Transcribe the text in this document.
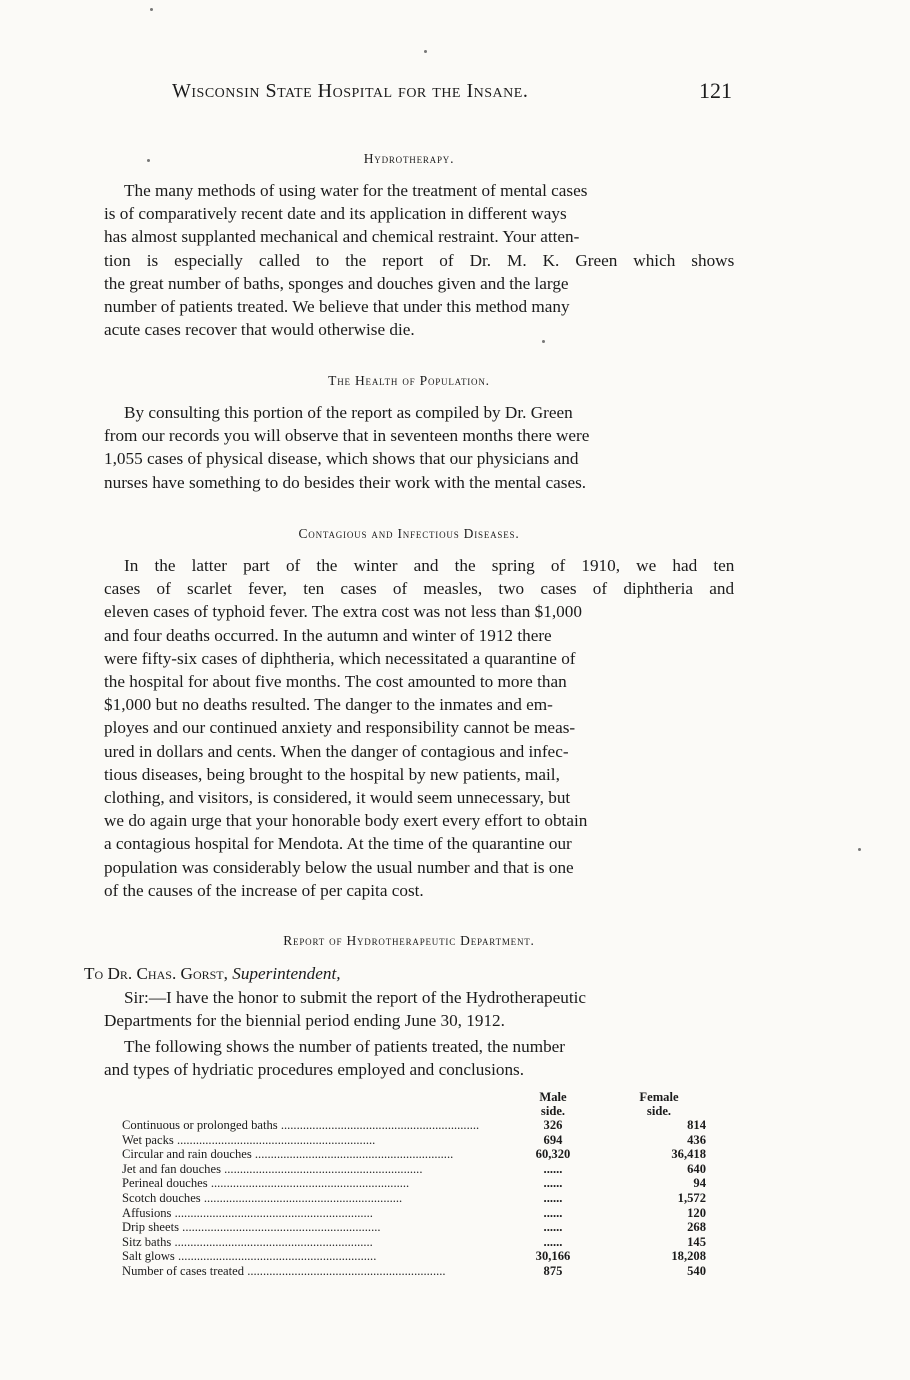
Wisconsin State Hospital for the Insane.	121
Hydrotherapy.
The many methods of using water for the treatment of mental cases
is of comparatively recent date and its application in different ways
has almost supplanted mechanical and chemical restraint. Your atten-
tion is especially called to the report of Dr. M. K. Green which shows
the great number of baths, sponges and douches given and the large
number of patients treated. We believe that under this method many
acute cases recover that would otherwise die.
The Health of Population.
By consulting this portion of the report as compiled by Dr. Green
from our records you will observe that in seventeen months there were
1,055 cases of physical disease, which shows that our physicians and
nurses have something to do besides their work with the mental cases.
Contagious and Infectious Diseases.
In the latter part of the winter and the spring of 1910, we had ten
cases of scarlet fever, ten cases of measles, two cases of diphtheria and
eleven cases of typhoid fever. The extra cost was not less than $1,000
and four deaths occurred. In the autumn and winter of 1912 there
were fifty-six cases of diphtheria, which necessitated a quarantine of
the hospital for about five months. The cost amounted to more than
$1,000 but no deaths resulted. The danger to the inmates and em-
ployes and our continued anxiety and responsibility cannot be meas-
ured in dollars and cents. When the danger of contagious and infec-
tious diseases, being brought to the hospital by new patients, mail,
clothing, and visitors, is considered, it would seem unnecessary, but
we do again urge that your honorable body exert every effort to obtain
a contagious hospital for Mendota. At the time of the quarantine our
population was considerably below the usual number and that is one
of the causes of the increase of per capita cost.
Report of Hydrotherapeutic Department.
To Dr. Chas. Gorst, Superintendent,
Sir:—I have the honor to submit the report of the Hydrotherapeutic
Departments for the biennial period ending June 30, 1912.
The following shows the number of patients treated, the number
and types of hydriatic procedures employed and conclusions.
	Male
side.	Female
side.
Continuous or prolonged baths .....	326	814
Wet packs .....	694	436
Circular and rain douches .....	60,320	36,418
Jet and fan douches .....	......	640
Perineal douches .....	......	94
Scotch douches .....	......	1,572
Affusions .....	......	120
Drip sheets .....	......	268
Sitz baths .....	......	145
Salt glows .....	30,166	18,208
Number of cases treated .....	875	540
